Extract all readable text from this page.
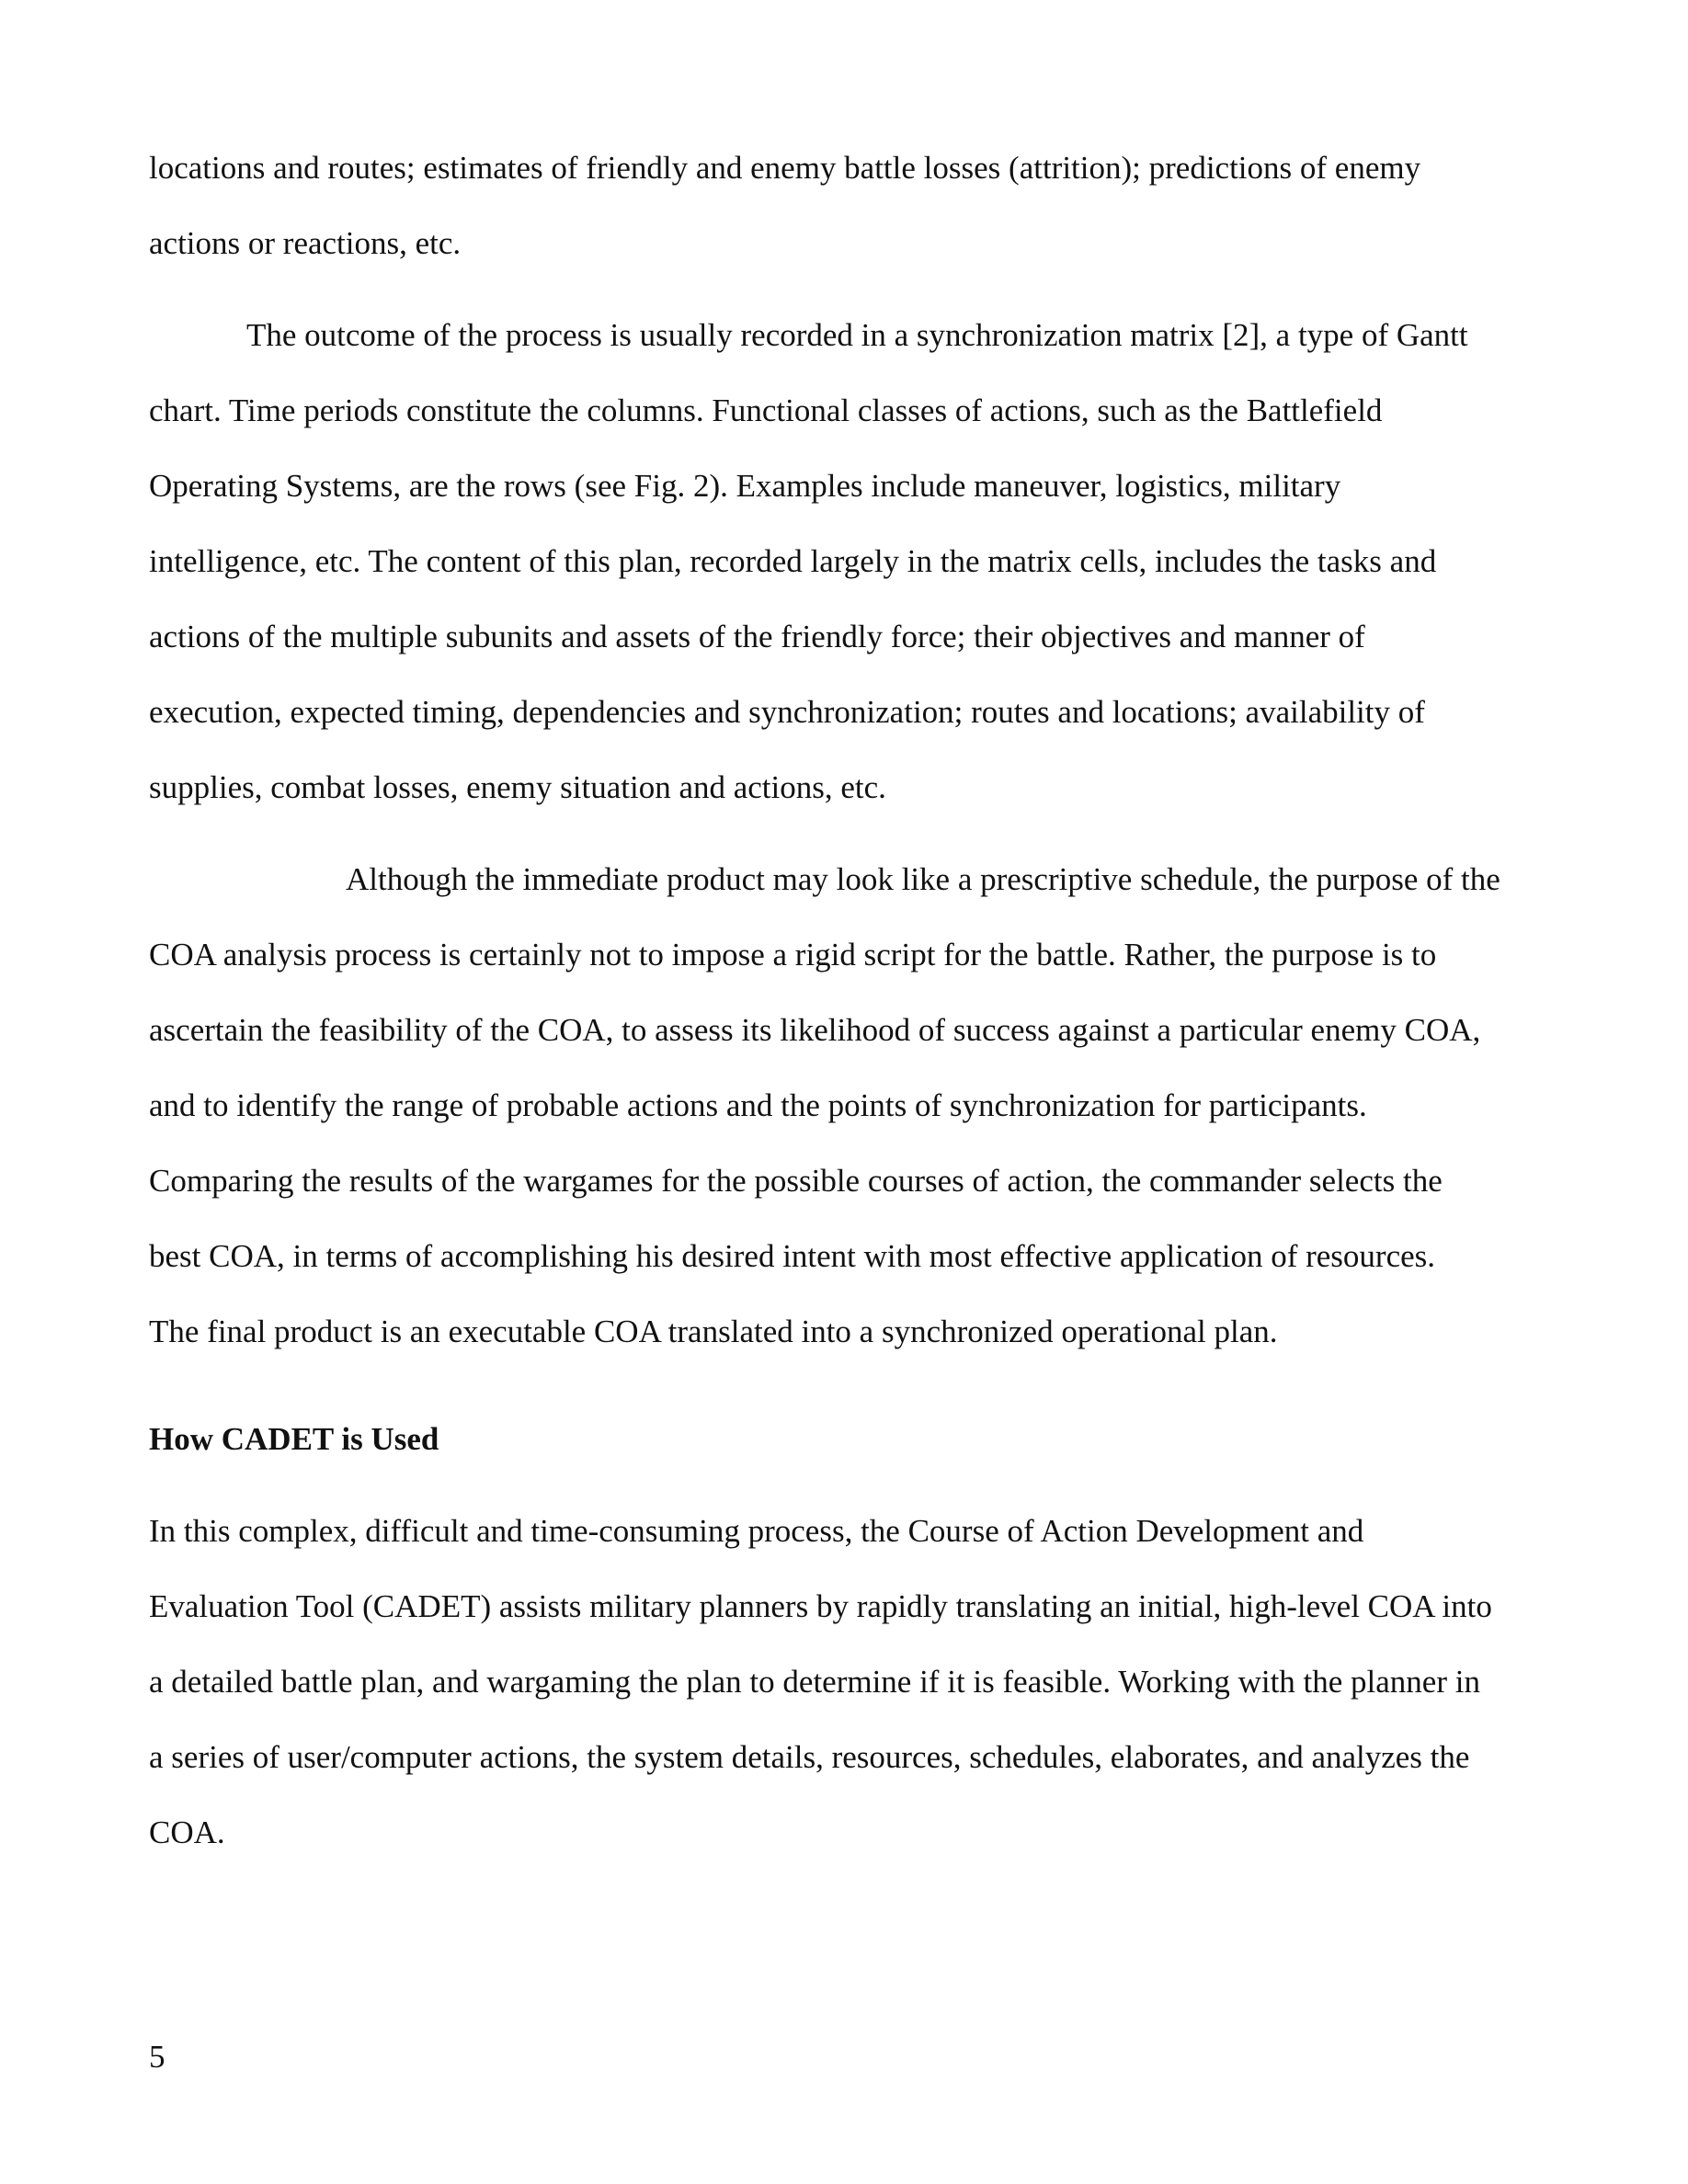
locations and routes; estimates of friendly and enemy battle losses (attrition); predictions of enemy

actions or reactions, etc.

The outcome of the process is usually recorded in a synchronization matrix [2], a type of Gantt

chart. Time periods constitute the columns. Functional classes of actions, such as the Battlefield

Operating Systems, are the rows (see Fig. 2). Examples include maneuver, logistics, military

intelligence, etc. The content of this plan, recorded largely in the matrix cells, includes the tasks and

actions of the multiple subunits and assets of the friendly force; their objectives and manner of

execution, expected timing, dependencies and synchronization; routes and locations; availability of

supplies, combat losses, enemy situation and actions, etc.

Although the immediate product may look like a prescriptive schedule, the purpose of the

COA analysis process is certainly not to impose a rigid script for the battle. Rather, the purpose is to

ascertain the feasibility of the COA, to assess its likelihood of success against a particular enemy COA,

and to identify the range of probable actions and the points of synchronization for participants.

Comparing the results of the wargames for the possible courses of action, the commander selects the

best COA, in terms of accomplishing his desired intent with most effective application of resources.

The final product is an executable COA translated into a synchronized operational plan.

How CADET is Used

In this complex, difficult and time-consuming process, the Course of Action Development and

Evaluation Tool (CADET) assists military planners by rapidly translating an initial, high-level COA into

a detailed battle plan, and wargaming the plan to determine if it is feasible. Working with the planner in

a series of user/computer actions, the system details, resources, schedules, elaborates, and analyzes the

COA.

5
